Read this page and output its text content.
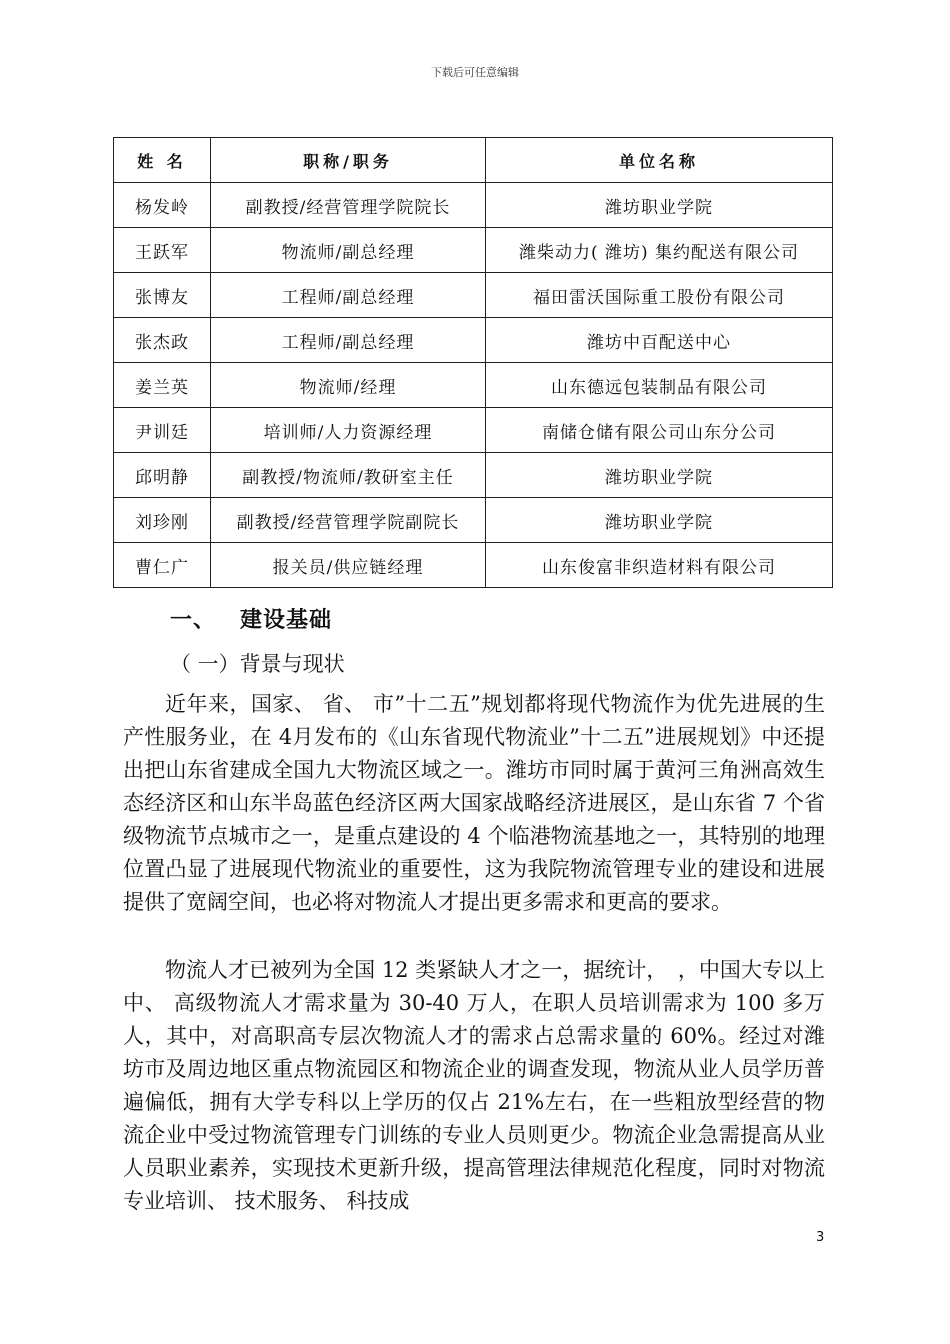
下载后可任意编辑
姓 名	职称/职务	单位名称
杨发岭	副教授/经营管理学院院长	潍坊职业学院
王跃军	物流师/副总经理	潍柴动力( 潍坊) 集约配送有限公司
张博友	工程师/副总经理	福田雷沃国际重工股份有限公司
张杰政	工程师/副总经理	潍坊中百配送中心
姜兰英	物流师/经理	山东德远包装制品有限公司
尹训廷	培训师/人力资源经理	南储仓储有限公司山东分公司
邱明静	副教授/物流师/教研室主任	潍坊职业学院
刘珍刚	副教授/经营管理学院副院长	潍坊职业学院
曹仁广	报关员/供应链经理	山东俊富非织造材料有限公司
一、 建设基础
（ 一）背景与现状

近年来，国家、 省、 市”十二五”规划都将现代物流作为优先进展的生产性服务业，在 4月发布的《山东省现代物流业”十二五”进展规划》中还提出把山东省建成全国九大物流区域之一。潍坊市同时属于黄河三角洲高效生态经济区和山东半岛蓝色经济区两大国家战略经济进展区，是山东省 7 个省级物流节点城市之一，是重点建设的 4 个临港物流基地之一，其特别的地理位置凸显了进展现代物流业的重要性，这为我院物流管理专业的建设和进展提供了宽阔空间，也必将对物流人才提出更多需求和更高的要求。

物流人才已被列为全国 12 类紧缺人才之一，据统计，　，中国大专以上中、 高级物流人才需求量为 30-40 万人，在职人员培训需求为 100 多万人，其中，对高职高专层次物流人才的需求占总需求量的 60%。经过对潍坊市及周边地区重点物流园区和物流企业的调查发现，物流从业人员学历普遍偏低，拥有大学专科以上学历的仅占 21%左右，在一些粗放型经营的物流企业中受过物流管理专门训练的专业人员则更少。物流企业急需提高从业人员职业素养，实现技术更新升级，提高管理法律规范化程度，同时对物流专业培训、 技术服务、 科技成

3
